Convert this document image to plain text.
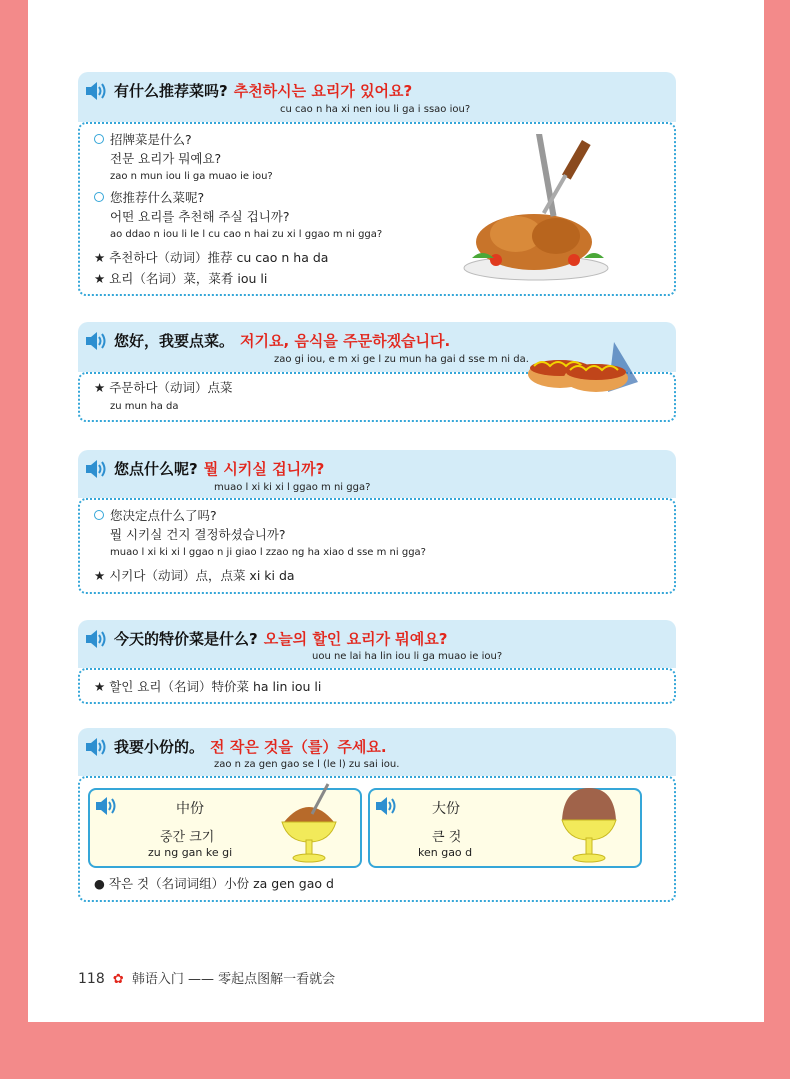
有什么推荐菜吗? 추천하시는 요리가 있어요?
cu cao n ha xi nen iou li ga i ssao iou?
招牌菜是什么?
전문 요리가 뭐예요?
zao n mun iou li ga muao ie iou?
您推荐什么菜呢?
어떤 요리를 추천해 주실 겁니까?
ao ddao n iou li le l cu cao n hai zu xi l ggao m ni gga?
★ 추천하다（动词）推荐 cu cao n ha da
★ 요리（名词）菜，菜肴 iou li
您好，我要点菜。 저기요, 음식을 주문하겠습니다.
zao gi iou, e m xi ge l zu mun ha gai d sse m ni da.
★ 주문하다（动词）点菜
zu mun ha da
您点什么呢? 뭘 시키실 겁니까?
muao l xi ki xi l ggao m ni gga?
您决定点什么了吗?
뭘 시키실 건지 결정하셨습니까?
muao l xi ki xi l ggao n ji giao l zzao ng ha xiao d sse m ni gga?
★ 시키다（动词）点，点菜 xi ki da
今天的特价菜是什么? 오늘의 할인 요리가 뭐예요?
uou ne lai ha lin iou li ga muao ie iou?
★ 할인 요리（名词）特价菜 ha lin iou li
我要小份的。 전 작은 것을（를）주세요.
zao n za gen gao se l (le l) zu sai iou.
中份
중간 크기
zu ng gan ke gi
大份
큰 것
ken gao d
● 작은 것（名词词组）小份 za gen gao d
118 ✿ 韩语入门 —— 零起点图解一看就会
